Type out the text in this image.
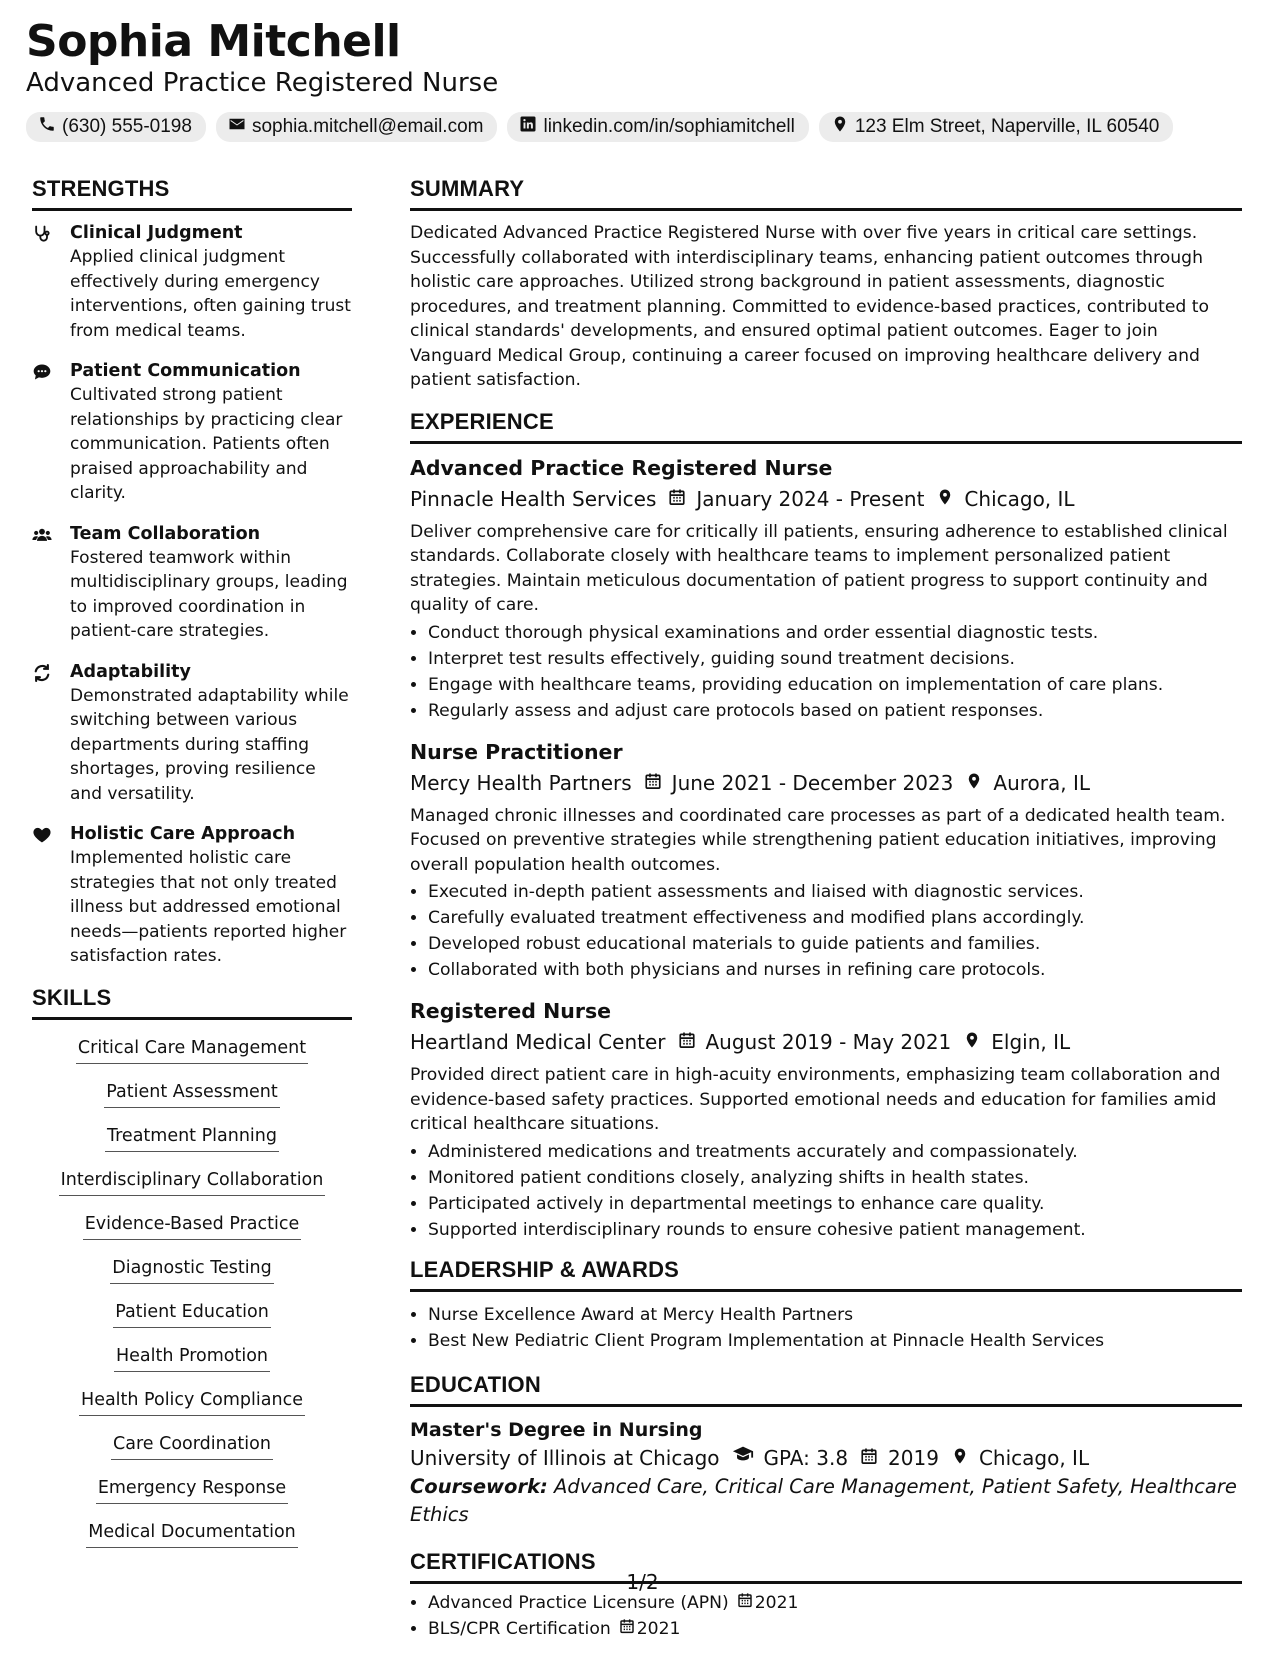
Sophia Mitchell
Advanced Practice Registered Nurse
(630) 555-0198	sophia.mitchell@email.com	linkedin.com/in/sophiamitchell	123 Elm Street, Naperville, IL 60540
STRENGTHS
Clinical Judgment
Applied clinical judgment effectively during emergency interventions, often gaining trust from medical teams.
Patient Communication
Cultivated strong patient relationships by practicing clear communication. Patients often praised approachability and clarity.
Team Collaboration
Fostered teamwork within multidisciplinary groups, leading to improved coordination in patient-care strategies.
Adaptability
Demonstrated adaptability while switching between various departments during staffing shortages, proving resilience and versatility.
Holistic Care Approach
Implemented holistic care strategies that not only treated illness but addressed emotional needs—patients reported higher satisfaction rates.
SKILLS
Critical Care Management
Patient Assessment
Treatment Planning
Interdisciplinary Collaboration
Evidence-Based Practice
Diagnostic Testing
Patient Education
Health Promotion
Health Policy Compliance
Care Coordination
Emergency Response
Medical Documentation
SUMMARY

Dedicated Advanced Practice Registered Nurse with over five years in critical care settings. Successfully collaborated with interdisciplinary teams, enhancing patient outcomes through holistic care approaches. Utilized strong background in patient assessments, diagnostic procedures, and treatment planning. Committed to evidence-based practices, contributed to clinical standards' developments, and ensured optimal patient outcomes. Eager to join Vanguard Medical Group, continuing a career focused on improving healthcare delivery and patient satisfaction.

EXPERIENCE
Advanced Practice Registered Nurse
Pinnacle Health Services January 2024 - Present Chicago, IL

Deliver comprehensive care for critically ill patients, ensuring adherence to established clinical standards. Collaborate closely with healthcare teams to implement personalized patient strategies. Maintain meticulous documentation of patient progress to support continuity and quality of care.

• Conduct thorough physical examinations and order essential diagnostic tests.
• Interpret test results effectively, guiding sound treatment decisions.
• Engage with healthcare teams, providing education on implementation of care plans.
• Regularly assess and adjust care protocols based on patient responses.
Nurse Practitioner
Mercy Health Partners June 2021 - December 2023 Aurora, IL

Managed chronic illnesses and coordinated care processes as part of a dedicated health team. Focused on preventive strategies while strengthening patient education initiatives, improving overall population health outcomes.

• Executed in-depth patient assessments and liaised with diagnostic services.
• Carefully evaluated treatment effectiveness and modified plans accordingly.
• Developed robust educational materials to guide patients and families.
• Collaborated with both physicians and nurses in refining care protocols.
Registered Nurse
Heartland Medical Center August 2019 - May 2021 Elgin, IL

Provided direct patient care in high-acuity environments, emphasizing team collaboration and evidence-based safety practices. Supported emotional needs and education for families amid critical healthcare situations.

• Administered medications and treatments accurately and compassionately.
• Monitored patient conditions closely, analyzing shifts in health states.
• Participated actively in departmental meetings to enhance care quality.
• Supported interdisciplinary rounds to ensure cohesive patient management.
LEADERSHIP & AWARDS
• Nurse Excellence Award at Mercy Health Partners
• Best New Pediatric Client Program Implementation at Pinnacle Health Services
EDUCATION
Master's Degree in Nursing
University of Illinois at Chicago GPA: 3.8 2019 Chicago, IL
Coursework: Advanced Care, Critical Care Management, Patient Safety, Healthcare Ethics
CERTIFICATIONS
• Advanced Practice Licensure (APN) 2021
• BLS/CPR Certification 2021
1/2
